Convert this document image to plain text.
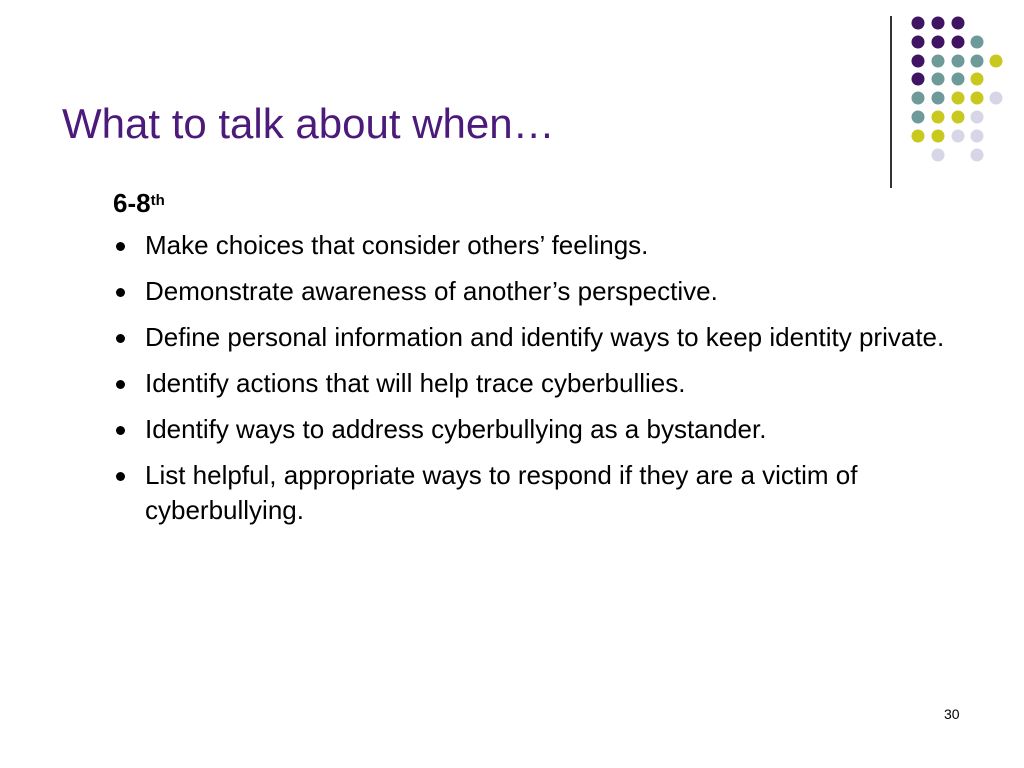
What to talk about when…
6-8th
Make choices that consider others’ feelings.
Demonstrate awareness of another’s perspective.
Define personal information and identify ways to keep identity private.
Identify actions that will help trace cyberbullies.
Identify ways to address cyberbullying as a bystander.
List helpful, appropriate ways to respond if they are a victim of cyberbullying.
30
